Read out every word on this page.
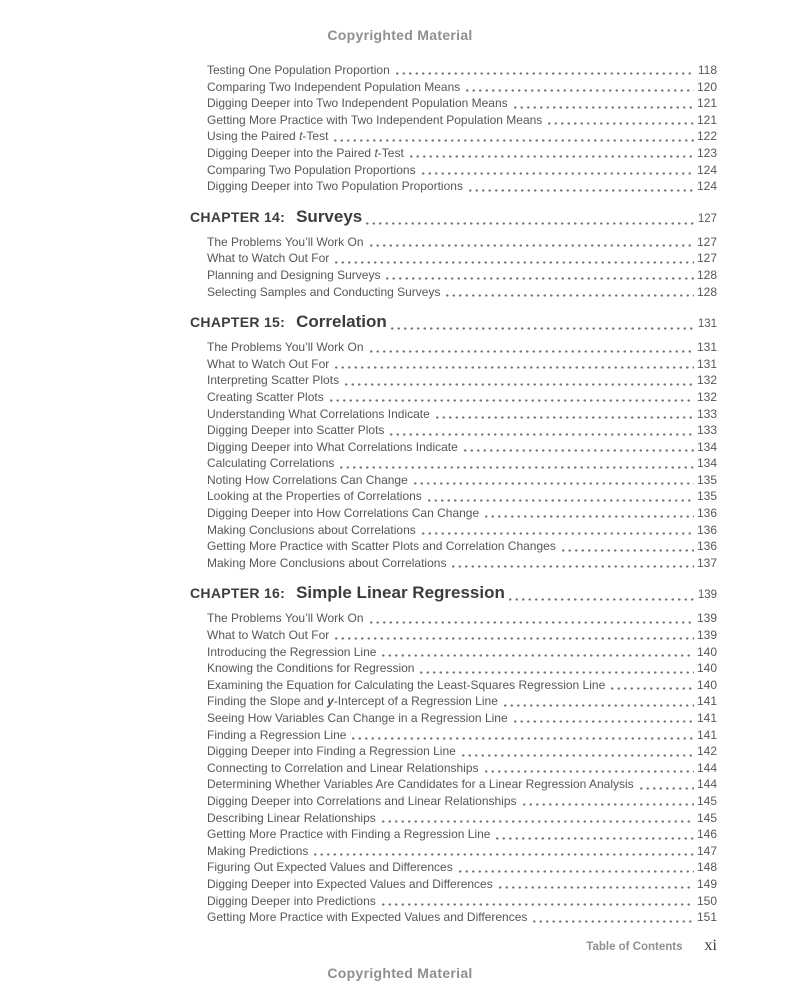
Copyrighted Material
Testing One Population Proportion	118
Comparing Two Independent Population Means	120
Digging Deeper into Two Independent Population Means	121
Getting More Practice with Two Independent Population Means	121
Using the Paired t-Test	122
Digging Deeper into the Paired t-Test	123
Comparing Two Population Proportions	124
Digging Deeper into Two Population Proportions	124
CHAPTER 14: Surveys	127
The Problems You’ll Work On	127
What to Watch Out For	127
Planning and Designing Surveys	128
Selecting Samples and Conducting Surveys	128
CHAPTER 15: Correlation	131
The Problems You’ll Work On	131
What to Watch Out For	131
Interpreting Scatter Plots	132
Creating Scatter Plots	132
Understanding What Correlations Indicate	133
Digging Deeper into Scatter Plots	133
Digging Deeper into What Correlations Indicate	134
Calculating Correlations	134
Noting How Correlations Can Change	135
Looking at the Properties of Correlations	135
Digging Deeper into How Correlations Can Change	136
Making Conclusions about Correlations	136
Getting More Practice with Scatter Plots and Correlation Changes	136
Making More Conclusions about Correlations	137
CHAPTER 16: Simple Linear Regression	139
The Problems You’ll Work On	139
What to Watch Out For	139
Introducing the Regression Line	140
Knowing the Conditions for Regression	140
Examining the Equation for Calculating the Least-Squares Regression Line	140
Finding the Slope and y-Intercept of a Regression Line	141
Seeing How Variables Can Change in a Regression Line	141
Finding a Regression Line	141
Digging Deeper into Finding a Regression Line	142
Connecting to Correlation and Linear Relationships	144
Determining Whether Variables Are Candidates for a Linear Regression Analysis	144
Digging Deeper into Correlations and Linear Relationships	145
Describing Linear Relationships	145
Getting More Practice with Finding a Regression Line	146
Making Predictions	147
Figuring Out Expected Values and Differences	148
Digging Deeper into Expected Values and Differences	149
Digging Deeper into Predictions	150
Getting More Practice with Expected Values and Differences	151
Table of Contents xi
Copyrighted Material
